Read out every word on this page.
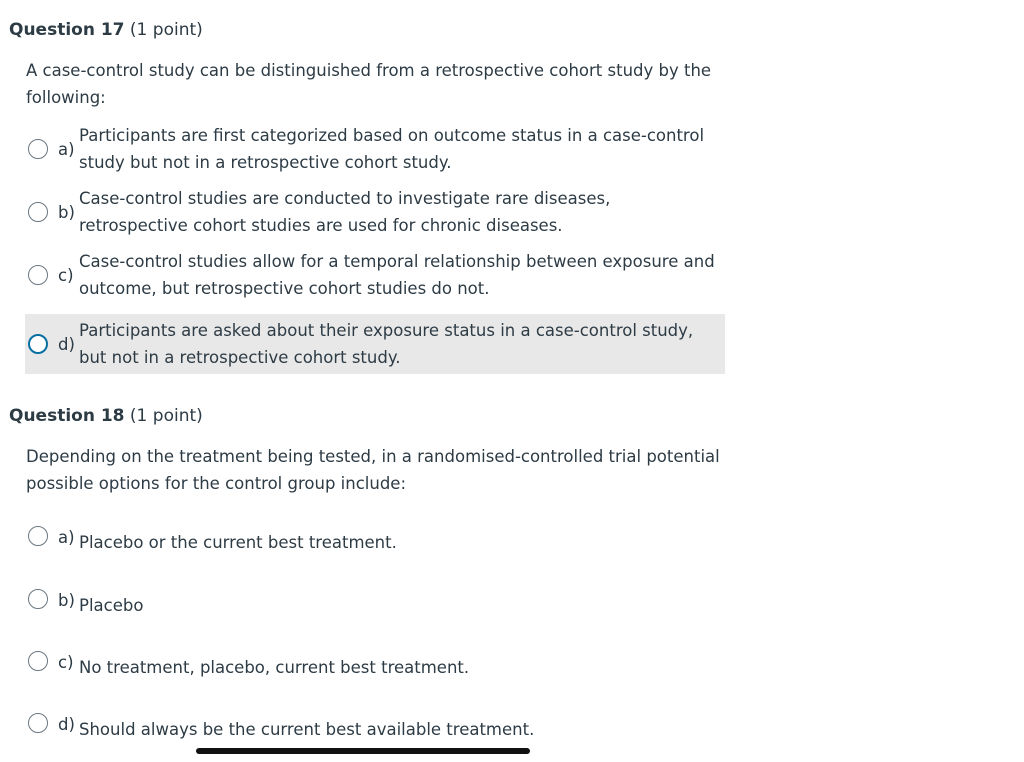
Question 17 (1 point)
A case-control study can be distinguished from a retrospective cohort study by the following:
a)
Participants are first categorized based on outcome status in a case-control study but not in a retrospective cohort study.
b)
Case-control studies are conducted to investigate rare diseases, retrospective cohort studies are used for chronic diseases.
c)
Case-control studies allow for a temporal relationship between exposure and outcome, but retrospective cohort studies do not.
d)
Participants are asked about their exposure status in a case-control study, but not in a retrospective cohort study.
Question 18 (1 point)
Depending on the treatment being tested, in a randomised-controlled trial potential possible options for the control group include:
a) Placebo or the current best treatment.
b) Placebo
c) No treatment, placebo, current best treatment.
d) Should always be the current best available treatment.
